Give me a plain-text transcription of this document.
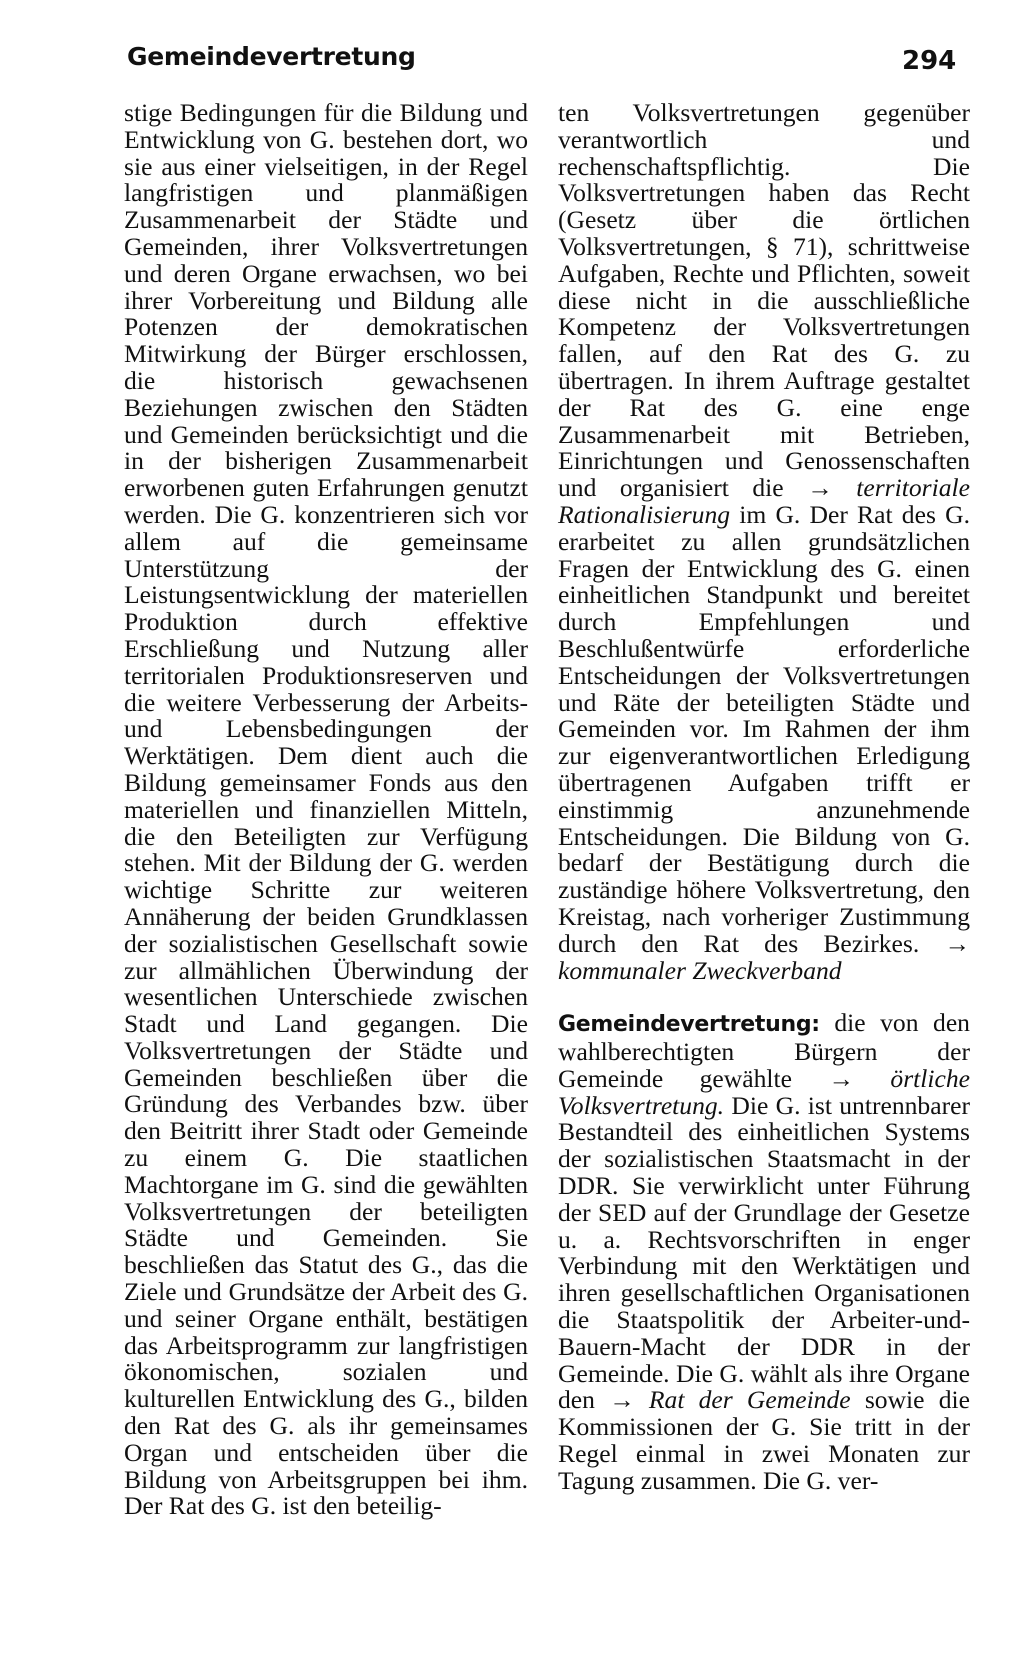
Gemeindevertretung	294

stige Bedingungen für die Bildung und Entwicklung von G. bestehen dort, wo sie aus einer vielseitigen, in der Regel langfristigen und planmäßigen Zusammenarbeit der Städte und Gemeinden, ihrer Volksvertretungen und deren Organe erwachsen, wo bei ihrer Vorbereitung und Bildung alle Potenzen der demokratischen Mitwirkung der Bürger erschlossen, die historisch gewachsenen Beziehungen zwischen den Städten und Gemeinden berücksichtigt und die in der bisherigen Zusammenarbeit erworbenen guten Erfahrungen genutzt werden. Die G. konzentrieren sich vor allem auf die gemeinsame Unterstützung der Leistungsentwicklung der materiellen Produktion durch effektive Erschließung und Nutzung aller territorialen Produktionsreserven und die weitere Verbesserung der Arbeits- und Lebensbedingungen der Werktätigen. Dem dient auch die Bildung gemeinsamer Fonds aus den materiellen und finanziellen Mitteln, die den Beteiligten zur Verfügung stehen. Mit der Bildung der G. werden wichtige Schritte zur weiteren Annäherung der beiden Grundklassen der sozialistischen Gesellschaft sowie zur allmählichen Überwindung der wesentlichen Unterschiede zwischen Stadt und Land gegangen. Die Volksvertretungen der Städte und Gemeinden beschließen über die Gründung des Verbandes bzw. über den Beitritt ihrer Stadt oder Gemeinde zu einem G. Die staatlichen Machtorgane im G. sind die gewählten Volksvertretungen der beteiligten Städte und Gemeinden. Sie beschließen das Statut des G., das die Ziele und Grundsätze der Arbeit des G. und seiner Organe enthält, bestätigen das Arbeitsprogramm zur langfristigen ökonomischen, sozialen und kulturellen Entwicklung des G., bilden den Rat des G. als ihr gemeinsames Organ und entscheiden über die Bildung von Arbeitsgruppen bei ihm. Der Rat des G. ist den beteilig-

ten Volksvertretungen gegenüber verantwortlich und rechenschaftspflichtig. Die Volksvertretungen haben das Recht (Gesetz über die örtlichen Volksvertretungen, § 71), schrittweise Aufgaben, Rechte und Pflichten, soweit diese nicht in die ausschließliche Kompetenz der Volksvertretungen fallen, auf den Rat des G. zu übertragen. In ihrem Auftrage gestaltet der Rat des G. eine enge Zusammenarbeit mit Betrieben, Einrichtungen und Genossenschaften und organisiert die → territoriale Rationalisierung im G. Der Rat des G. erarbeitet zu allen grundsätzlichen Fragen der Entwicklung des G. einen einheitlichen Standpunkt und bereitet durch Empfehlungen und Beschlußentwürfe erforderliche Entscheidungen der Volksvertretungen und Räte der beteiligten Städte und Gemeinden vor. Im Rahmen der ihm zur eigenverantwortlichen Erledigung übertragenen Aufgaben trifft er einstimmig anzunehmende Entscheidungen. Die Bildung von G. bedarf der Bestätigung durch die zuständige höhere Volksvertretung, den Kreistag, nach vorheriger Zustimmung durch den Rat des Bezirkes. → kommunaler Zweckverband

Gemeindevertretung: die von den wahlberechtigten Bürgern der Gemeinde gewählte → örtliche Volksvertretung. Die G. ist untrennbarer Bestandteil des einheitlichen Systems der sozialistischen Staatsmacht in der DDR. Sie verwirklicht unter Führung der SED auf der Grundlage der Gesetze u. a. Rechtsvorschriften in enger Verbindung mit den Werktätigen und ihren gesellschaftlichen Organisationen die Staatspolitik der Arbeiter-und-Bauern-Macht der DDR in der Gemeinde. Die G. wählt als ihre Organe den → Rat der Gemeinde sowie die Kommissionen der G. Sie tritt in der Regel einmal in zwei Monaten zur Tagung zusammen. Die G. ver-
